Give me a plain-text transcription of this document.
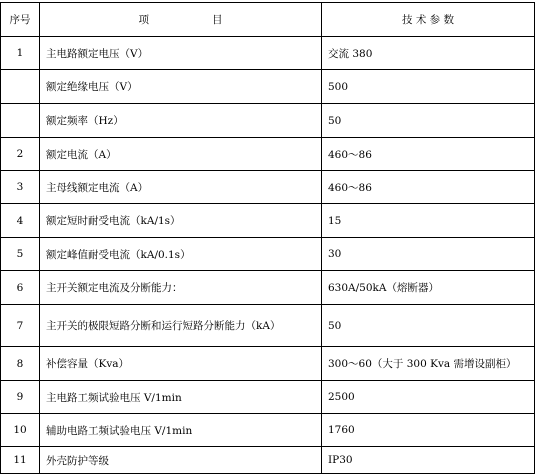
序号	项　　　　　　目	技 术 参 数
1	主电路额定电压（V）	交流 380
	额定绝缘电压（V）	500
	额定频率（Hz）	50
2	额定电流（A）	460～86
3	主母线额定电流（A）	460～86
4	额定短时耐受电流（kA/1s）	15
5	额定峰值耐受电流（kA/0.1s）	30
6	主开关额定电流及分断能力：	630A/50kA（熔断器）
7	主开关的极限短路分断和运行短路分断能力（kA）	50
8	补偿容量（Kva）	300～60（大于 300 Kva 需增设副柜）
9	主电路工频试验电压 V/1min	2500
10	辅助电路工频试验电压 V/1min	1760
11	外壳防护等级	IP30
